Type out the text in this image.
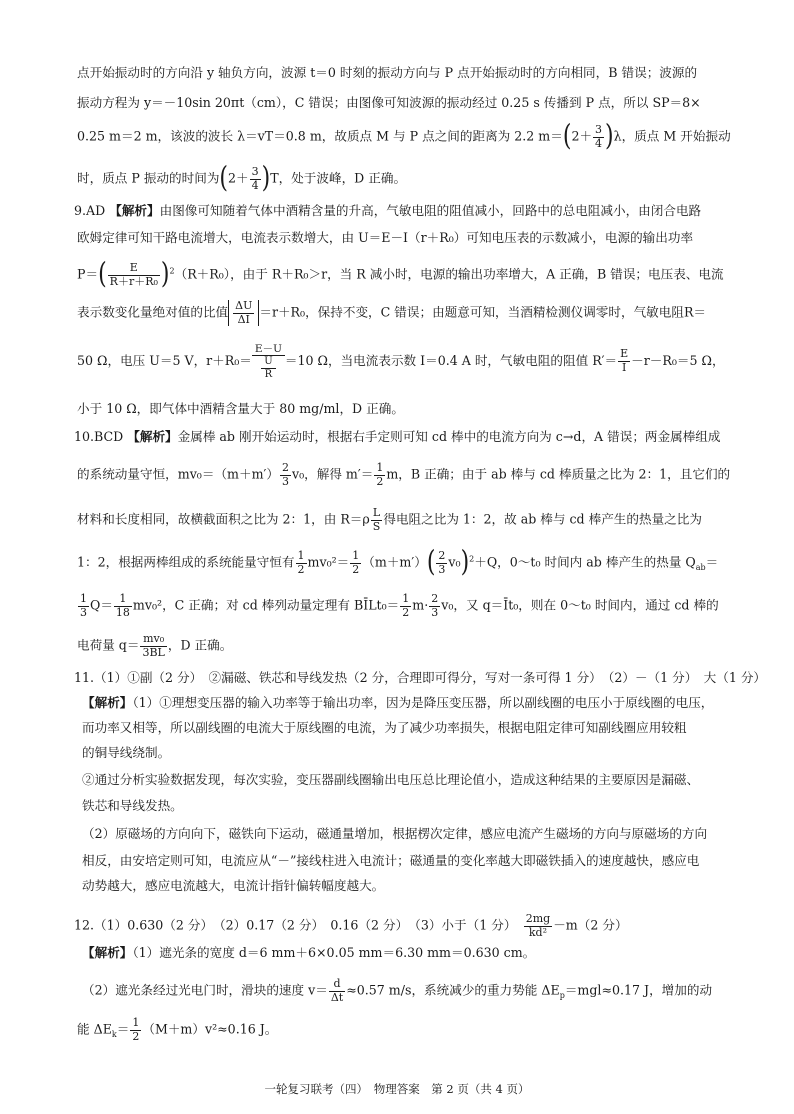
点开始振动时的方向沿 y 轴负方向，波源 t＝0 时刻的振动方向与 P 点开始振动时的方向相同，B 错误；波源的
振动方程为 y＝－10sin 20πt（cm），C 错误；由图像可知波源的振动经过 0.25 s 传播到 P 点，所以 SP＝8×
0.25 m＝2 m，该波的波长 λ＝vT＝0.8 m，故质点 M 与 P 点之间的距离为 2.2 $m=(2+ \frac{3}{4} )\lambda$，质点 M 开始振动
时，质点 P 振动的时间为$(2+ \frac{3}{4} )T$，处于波峰，D 正确。
9.AD 【解析】由图像可知随着气体中酒精含量的升高，气敏电阻的阻值减小，回路中的总电阻减小，由闭合电路
欧姆定律可知干路电流增大，电流表示数增大，由 U＝E－I（r＋R₀）可知电压表的示数减小，电源的输出功率
$P=( \frac{E}{\text{R＋r＋R₀}} )^2(R+R_0)$，由于 R＋R₀＞r，当 R 减小时，电源的输出功率增大，A 正确，B 错误；电压表、电流
表示数变化量绝对值的比值 $\frac{\Delta U}{\Delta I} =r+R_0$，保持不变，C 错误；由题意可知，当酒精检测仪调零时，气敏电阻R＝
50 Ω，电压 U＝5 V，$r+R_0= \frac{E-U}{\frac{U}{R}} =10$ Ω，当电流表示数 I＝0.4 A 时，气敏电阻的阻值 $R'= \frac{E}{I} -r-R_0=5$ Ω，
小于 10 Ω，即气体中酒精含量大于 80 mg/ml，D 正确。
10.BCD 【解析】金属棒 ab 刚开始运动时，根据右手定则可知 cd 棒中的电流方向为 c→d，A 错误；两金属棒组成
的系统动量守恒，$mv_0=(m+m') \frac{2}{3} v_0$，解得 $m'= \frac{1}{2}$ m，B 正确；由于 ab 棒与 cd 棒质量之比为 2：1，且它们的
材料和长度相同，故横截面积之比为 2：1，由 $R=\rho \frac{L}{S}$ 得电阻之比为 1：2，故 ab 棒与 cd 棒产生的热量之比为
1：2，根据两棒组成的系统能量守恒有 $\frac{1}{2} mv_0^2= \frac{1}{2} (m+m')( \frac{2}{3} v_0)^2+Q$，0～t₀ 时间内 ab 棒产生的热量 $Q_{ab}=$
$\frac{1}{3} Q= \frac{1}{18} mv_0^2$，C 正确；对 cd 棒列动量定理有 BĪLt₀＝ $\frac{1}{2} m\cdot \frac{2}{3} v_0$，又 q＝Īt₀，则在 0～t₀ 时间内，通过 cd 棒的
电荷量 $q= \frac{\text{mv₀}}{3BL}$ ，D 正确。
11.（1）①副（2 分）　②漏磁、铁芯和导线发热（2 分，合理即可得分，写对一条可得 1 分）　（2）－（1 分）　大（1 分）
【解析】（1）①理想变压器的输入功率等于输出功率，因为是降压变压器，所以副线圈的电压小于原线圈的电压，
而功率又相等，所以副线圈的电流大于原线圈的电流，为了减少功率损失，根据电阻定律可知副线圈应用较粗
的铜导线绕制。
②通过分析实验数据发现，每次实验，变压器副线圈输出电压总比理论值小，造成这种结果的主要原因是漏磁、
铁芯和导线发热。
（2）原磁场的方向向下，磁铁向下运动，磁通量增加，根据楞次定律，感应电流产生磁场的方向与原磁场的方向
相反，由安培定则可知，电流应从“－”接线柱进入电流计；磁通量的变化率越大即磁铁插入的速度越快，感应电
动势越大，感应电流越大，电流计指针偏转幅度越大。
12.（1）0.630（2 分）　（2）0.17（2 分）　0.16（2 分）　（3）小于（1 分）　 $\frac{2mg}{\text{kd²}} -m(2$ 分）
【解析】（1）遮光条的宽度 d＝6 mm＋6×0.05 mm＝6.30 mm＝0.630 cm。
（2）遮光条经过光电门时，滑块的速度 $v= \frac{d}{\Delta t} \approx 0.57$ m/s，系统减少的重力势能 $\Delta E_p=mgl\approx 0.17$ J，增加的动
能 $\Delta E_k= \frac{1}{2} (M+m)v^2\approx 0.16$ J。
一轮复习联考（四）　物理答案　第 2 页（共 4 页）
